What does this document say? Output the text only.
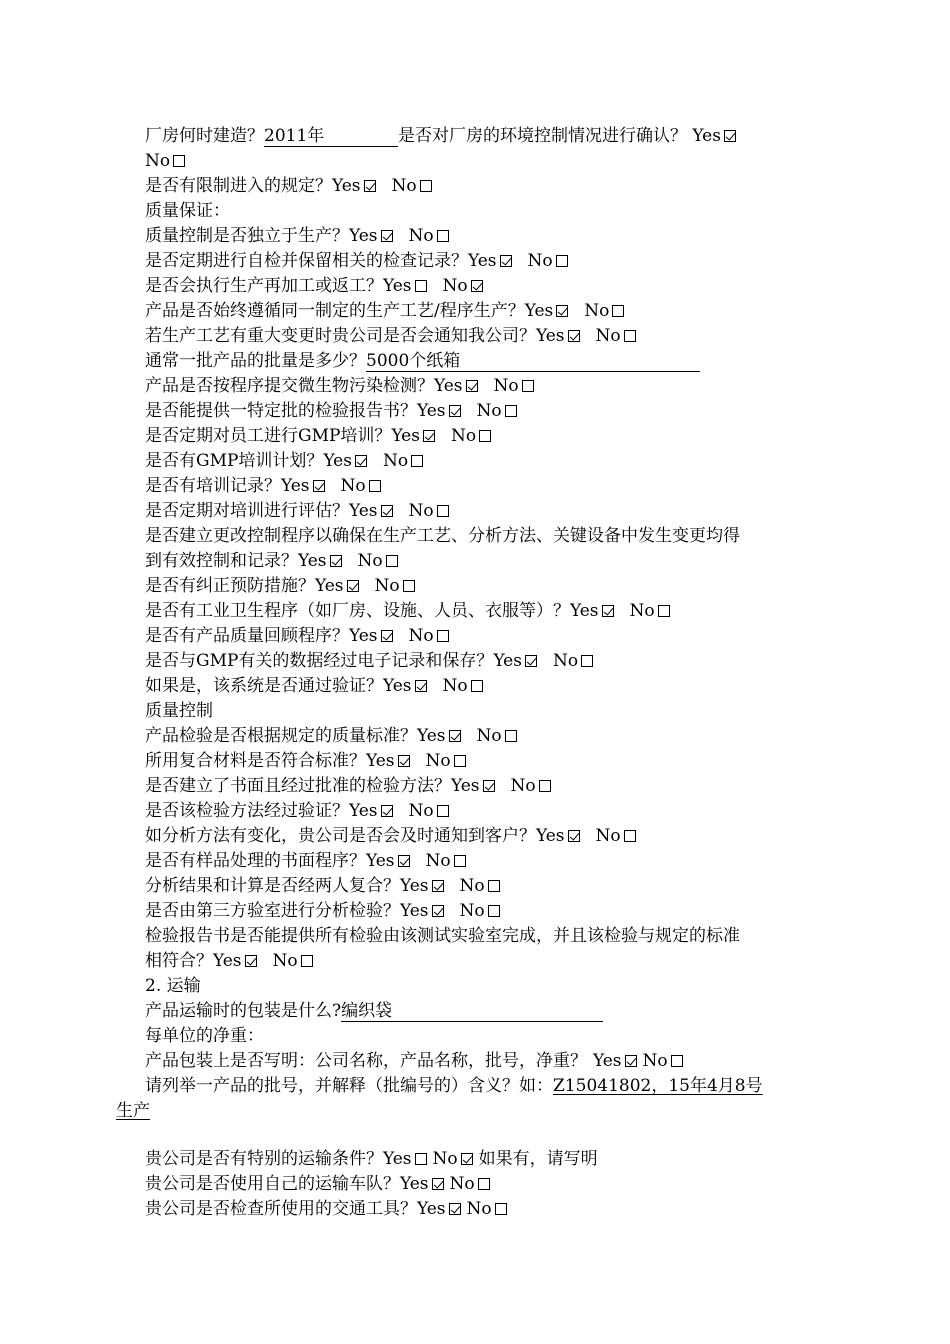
厂房何时建造？2011年	是否对厂房的环境控制情况进行确认？ Yes
No
是否有限制进入的规定？Yes No
质量保证：
质量控制是否独立于生产？Yes No
是否定期进行自检并保留相关的检查记录？Yes No
是否会执行生产再加工或返工？Yes No
产品是否始终遵循同一制定的生产工艺/程序生产？Yes No
若生产工艺有重大变更时贵公司是否会通知我公司？Yes No
通常一批产品的批量是多少？5000个纸箱
产品是否按程序提交微生物污染检测？Yes No
是否能提供一特定批的检验报告书？Yes No
是否定期对员工进行GMP培训？Yes No
是否有GMP培训计划？Yes No
是否有培训记录？Yes No
是否定期对培训进行评估？Yes No
是否建立更改控制程序以确保在生产工艺、分析方法、关键设备中发生变更均得
到有效控制和记录？Yes No
是否有纠正预防措施？Yes No
是否有工业卫生程序（如厂房、设施、人员、衣服等）？Yes No
是否有产品质量回顾程序？Yes No
是否与GMP有关的数据经过电子记录和保存？Yes No
如果是，该系统是否通过验证？Yes No
质量控制
产品检验是否根据规定的质量标准？Yes No
所用复合材料是否符合标准？Yes No
是否建立了书面且经过批准的检验方法？Yes No
是否该检验方法经过验证？Yes No
如分析方法有变化，贵公司是否会及时通知到客户？Yes No
是否有样品处理的书面程序？Yes No
分析结果和计算是否经两人复合？Yes No
是否由第三方验室进行分析检验？Yes No
检验报告书是否能提供所有检验由该测试实验室完成，并且该检验与规定的标准
相符合？Yes No
2. 运输
产品运输时的包装是什么?编织袋
每单位的净重：
产品包装上是否写明：公司名称，产品名称，批号，净重？ Yes No
请列举一产品的批号，并解释（批编号的）含义？如：Z15041802，15年4月8号
生产
贵公司是否有特别的运输条件？Yes No 如果有，请写明
贵公司是否使用自己的运输车队？Yes No
贵公司是否检查所使用的交通工具？Yes No
